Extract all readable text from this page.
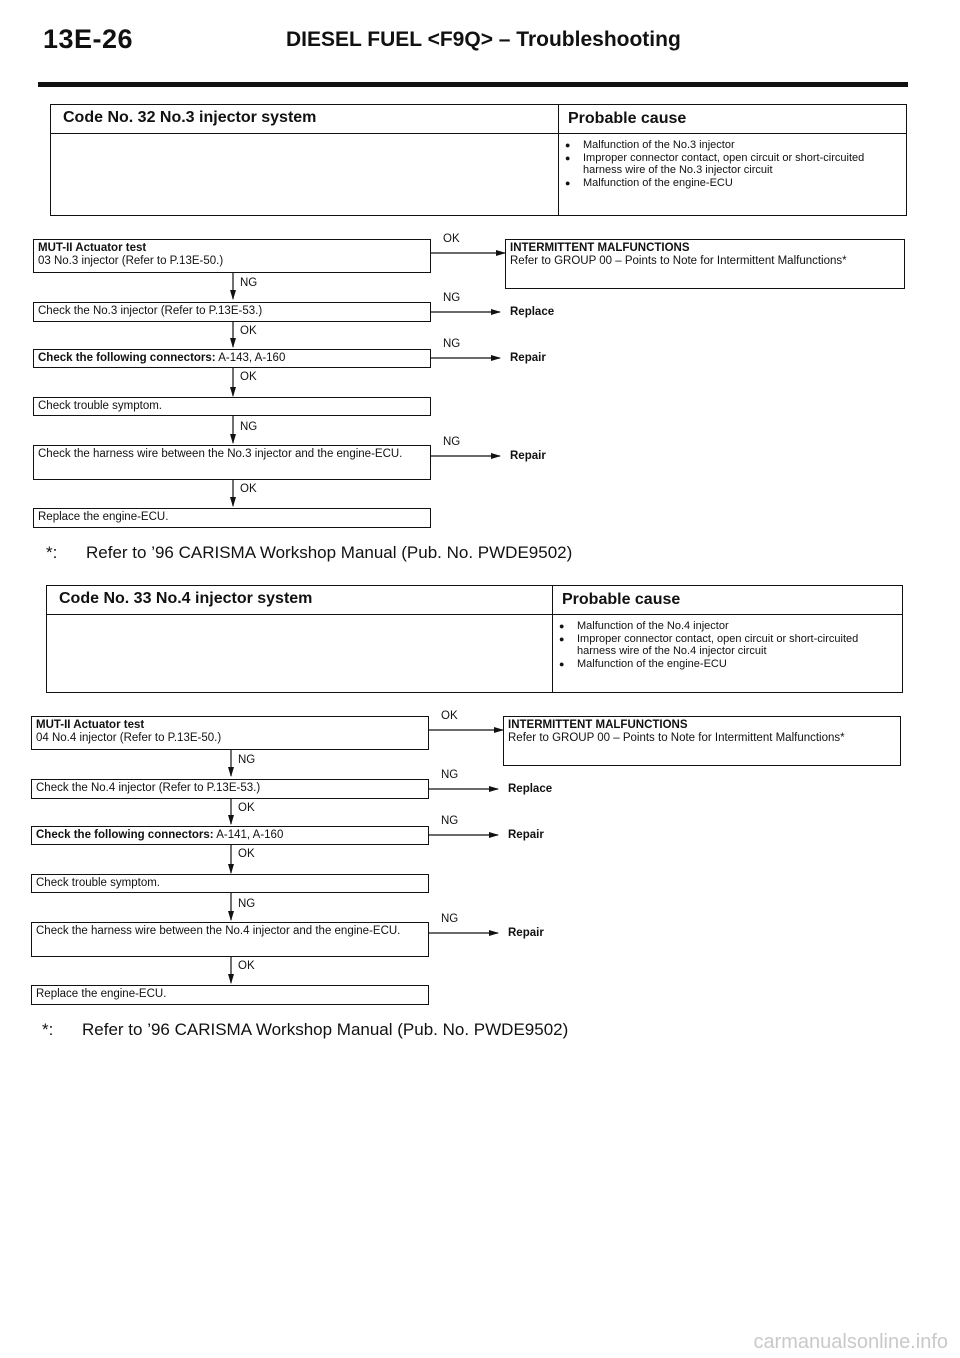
13E-26	DIESEL FUEL <F9Q> – Troubleshooting
Code No. 32 No.3 injector system	Probable cause
● Malfunction of the No.3 injector
● Improper connector contact, open circuit or short-circuited harness wire of the No.3 injector circuit
● Malfunction of the engine-ECU
MUT-II Actuator test
03 No.3 injector (Refer to P.13E-50.)
OK
INTERMITTENT MALFUNCTIONS
Refer to GROUP 00 – Points to Note for Intermittent Malfunctions*
NG
Check the No.3 injector (Refer to P.13E-53.)
NG
Replace
OK
Check the following connectors: A-143, A-160
NG
Repair
OK
Check trouble symptom.
NG
Check the harness wire between the No.3 injector and the engine-ECU.
NG
Repair
OK
Replace the engine-ECU.
*: Refer to ’96 CARISMA Workshop Manual (Pub. No. PWDE9502)
Code No. 33 No.4 injector system	Probable cause
● Malfunction of the No.4 injector
● Improper connector contact, open circuit or short-circuited harness wire of the No.4 injector circuit
● Malfunction of the engine-ECU
MUT-II Actuator test
04 No.4 injector (Refer to P.13E-50.)
OK
INTERMITTENT MALFUNCTIONS
Refer to GROUP 00 – Points to Note for Intermittent Malfunctions*
NG
Check the No.4 injector (Refer to P.13E-53.)
NG
Replace
OK
Check the following connectors: A-141, A-160
NG
Repair
OK
Check trouble symptom.
NG
Check the harness wire between the No.4 injector and the engine-ECU.
NG
Repair
OK
Replace the engine-ECU.
*: Refer to ’96 CARISMA Workshop Manual (Pub. No. PWDE9502)
carmanualsonline.info
